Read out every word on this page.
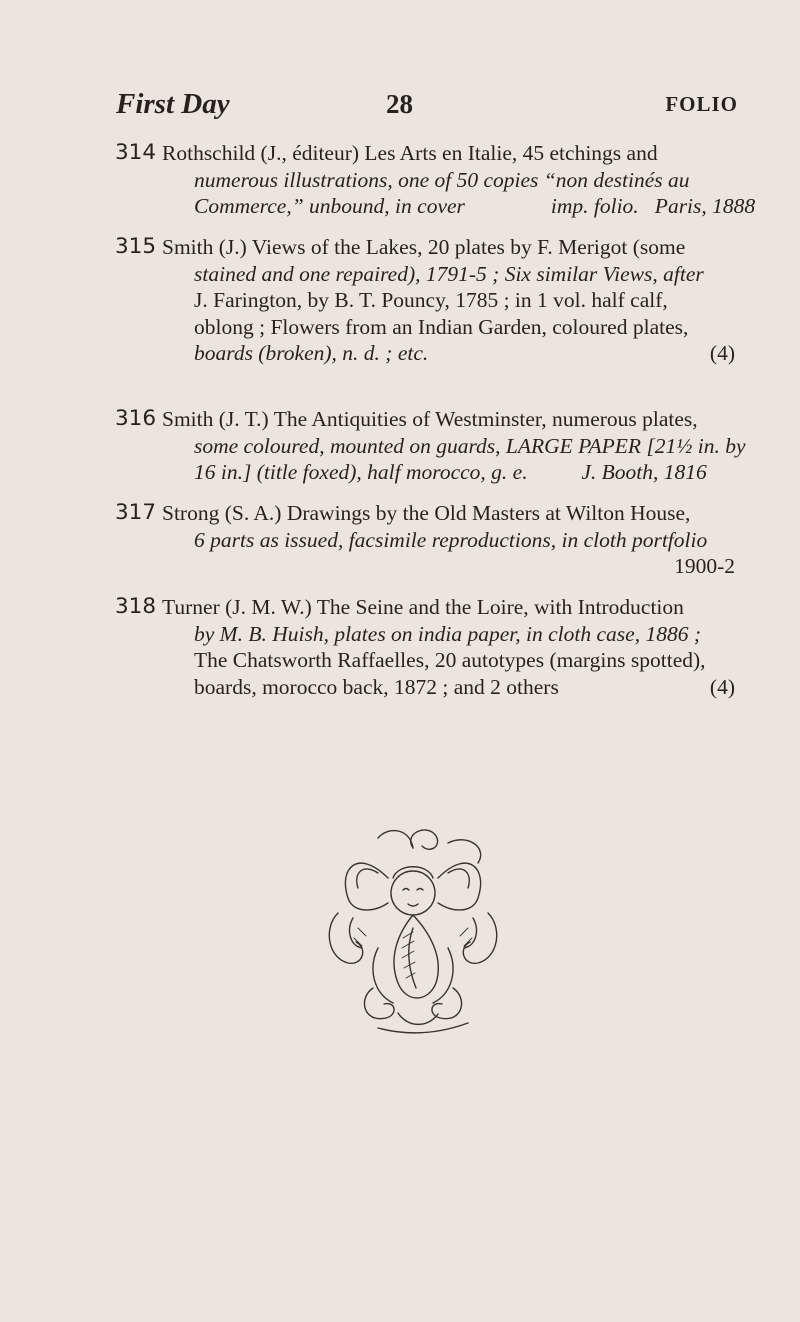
First Day	28	FOLIO
314 Rothschild (J., éditeur) Les Arts en Italie, 45 etchings and
numerous illustrations, one of 50 copies “non destinés au
Commerce,” unbound, in cover                imp. folio.   Paris, 1888
315 Smith (J.) Views of the Lakes, 20 plates by F. Merigot (some
stained and one repaired), 1791-5 ; Six similar Views, after
J. Farington, by B. T. Pouncy, 1785 ; in 1 vol. half calf,
oblong ; Flowers from an Indian Garden, coloured plates,
boards (broken), n. d. ; etc.	(4)
316 Smith (J. T.) The Antiquities of Westminster, numerous plates,
some coloured, mounted on guards, LARGE PAPER [21½ in. by
16 in.] (title foxed), half morocco, g. e.          J. Booth, 1816
317 Strong (S. A.) Drawings by the Old Masters at Wilton House,
6 parts as issued, facsimile reproductions, in cloth portfolio
1900-2
318 Turner (J. M. W.) The Seine and the Loire, with Introduction
by M. B. Huish, plates on india paper, in cloth case, 1886 ;
The Chatsworth Raffaelles, 20 autotypes (margins spotted),
boards, morocco back, 1872 ; and 2 others	(4)
